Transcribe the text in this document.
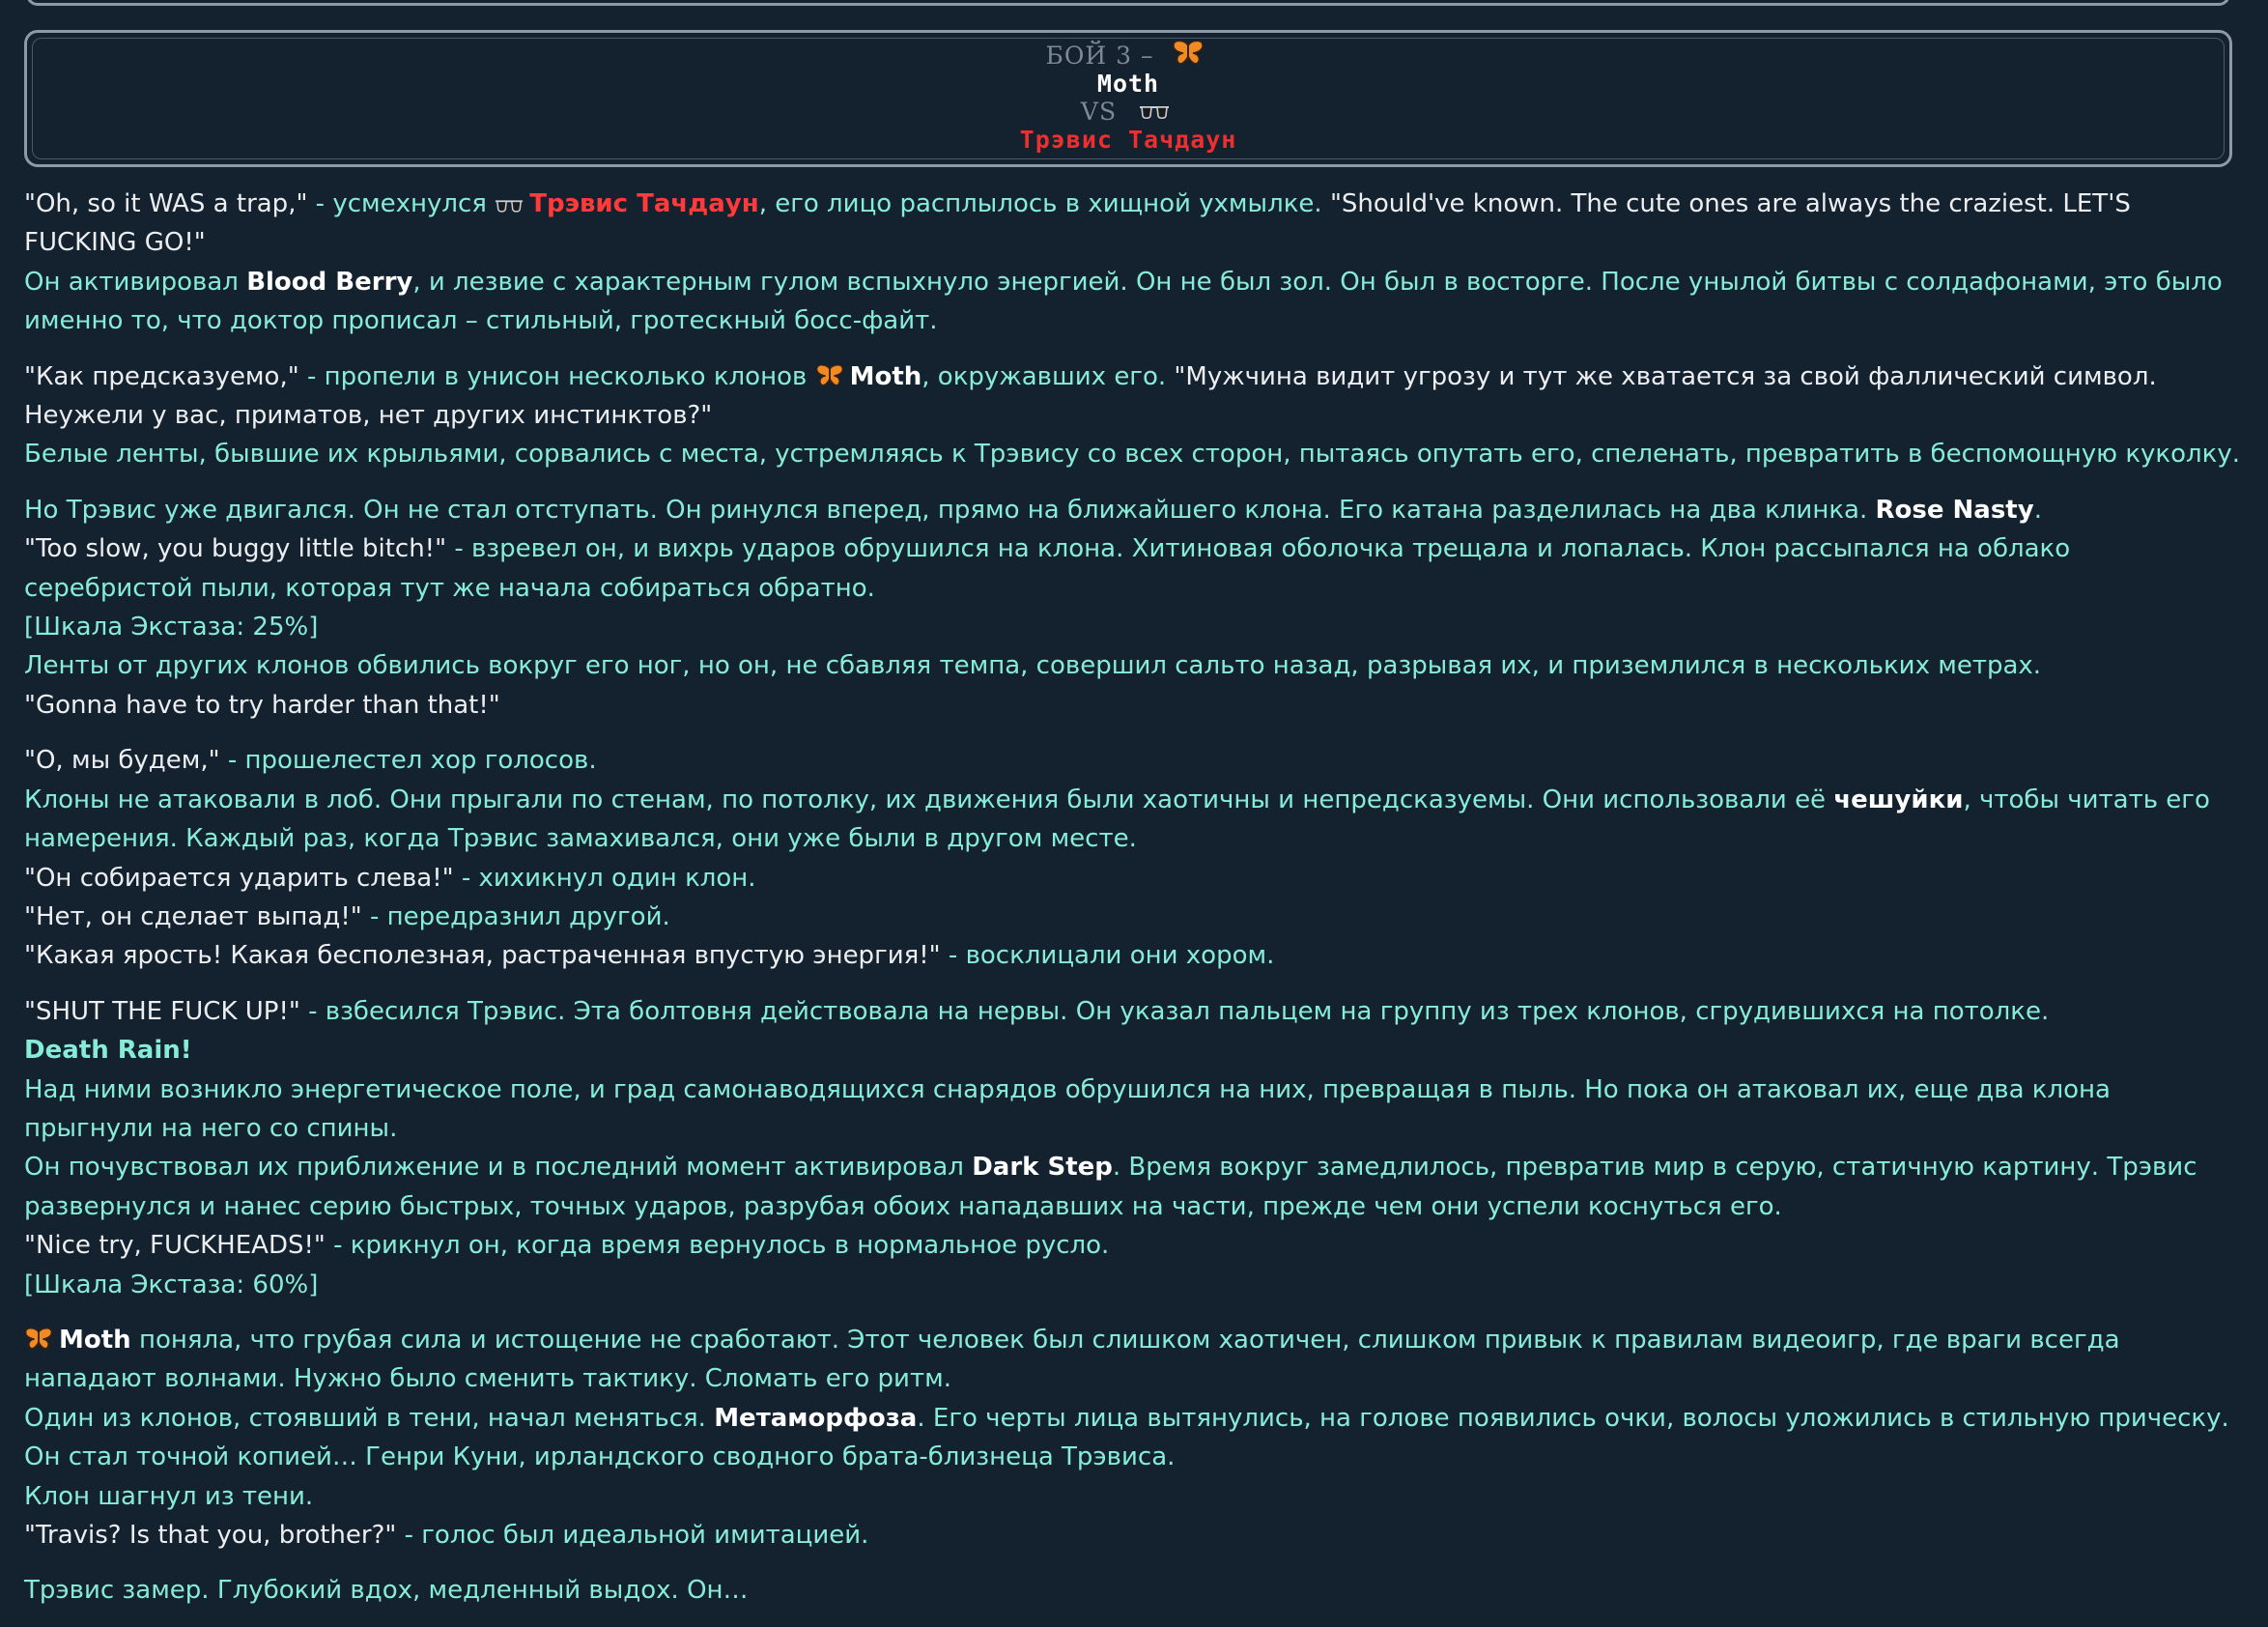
БОЙ 3 –
Moth
VS
Трэвис Тачдаун

"Oh, so it WAS a trap," - усмехнулся Трэвис Тачдаун, его лицо расплылось в хищной ухмылке. "Should've known. The cute ones are always the craziest. LET'S FUCKING GO!"
Он активировал Blood Berry, и лезвие с характерным гулом вспыхнуло энергией. Он не был зол. Он был в восторге. После унылой битвы с солдафонами, это было именно то, что доктор прописал – стильный, гротескный босс-файт.

"Как предсказуемо," - пропели в унисон несколько клонов Moth, окружавших его. "Мужчина видит угрозу и тут же хватается за свой фаллический символ. Неужели у вас, приматов, нет других инстинктов?"
Белые ленты, бывшие их крыльями, сорвались с места, устремляясь к Трэвису со всех сторон, пытаясь опутать его, спеленать, превратить в беспомощную куколку.

Но Трэвис уже двигался. Он не стал отступать. Он ринулся вперед, прямо на ближайшего клона. Его катана разделилась на два клинка. Rose Nasty.
"Too slow, you buggy little bitch!" - взревел он, и вихрь ударов обрушился на клона. Хитиновая оболочка трещала и лопалась. Клон рассыпался на облако серебристой пыли, которая тут же начала собираться обратно.
[Шкала Экстаза: 25%]
Ленты от других клонов обвились вокруг его ног, но он, не сбавляя темпа, совершил сальто назад, разрывая их, и приземлился в нескольких метрах.
"Gonna have to try harder than that!"

"О, мы будем," - прошелестел хор голосов.
Клоны не атаковали в лоб. Они прыгали по стенам, по потолку, их движения были хаотичны и непредсказуемы. Они использовали её чешуйки, чтобы читать его намерения. Каждый раз, когда Трэвис замахивался, они уже были в другом месте.
"Он собирается ударить слева!" - хихикнул один клон.
"Нет, он сделает выпад!" - передразнил другой.
"Какая ярость! Какая бесполезная, растраченная впустую энергия!" - восклицали они хором.

"SHUT THE FUCK UP!" - взбесился Трэвис. Эта болтовня действовала на нервы. Он указал пальцем на группу из трех клонов, сгрудившихся на потолке.
Death Rain!
Над ними возникло энергетическое поле, и град самонаводящихся снарядов обрушился на них, превращая в пыль. Но пока он атаковал их, еще два клона прыгнули на него со спины.
Он почувствовал их приближение и в последний момент активировал Dark Step. Время вокруг замедлилось, превратив мир в серую, статичную картину. Трэвис развернулся и нанес серию быстрых, точных ударов, разрубая обоих нападавших на части, прежде чем они успели коснуться его.
"Nice try, FUCKHEADS!" - крикнул он, когда время вернулось в нормальное русло.
[Шкала Экстаза: 60%]

Moth поняла, что грубая сила и истощение не сработают. Этот человек был слишком хаотичен, слишком привык к правилам видеоигр, где враги всегда нападают волнами. Нужно было сменить тактику. Сломать его ритм.
Один из клонов, стоявший в тени, начал меняться. Метаморфоза. Его черты лица вытянулись, на голове появились очки, волосы уложились в стильную прическу. Он стал точной копией… Генри Куни, ирландского сводного брата-близнеца Трэвиса.
Клон шагнул из тени.
"Travis? Is that you, brother?" - голос был идеальной имитацией.

Трэвис замер. Глубокий вдох, медленный выдох. Он…
